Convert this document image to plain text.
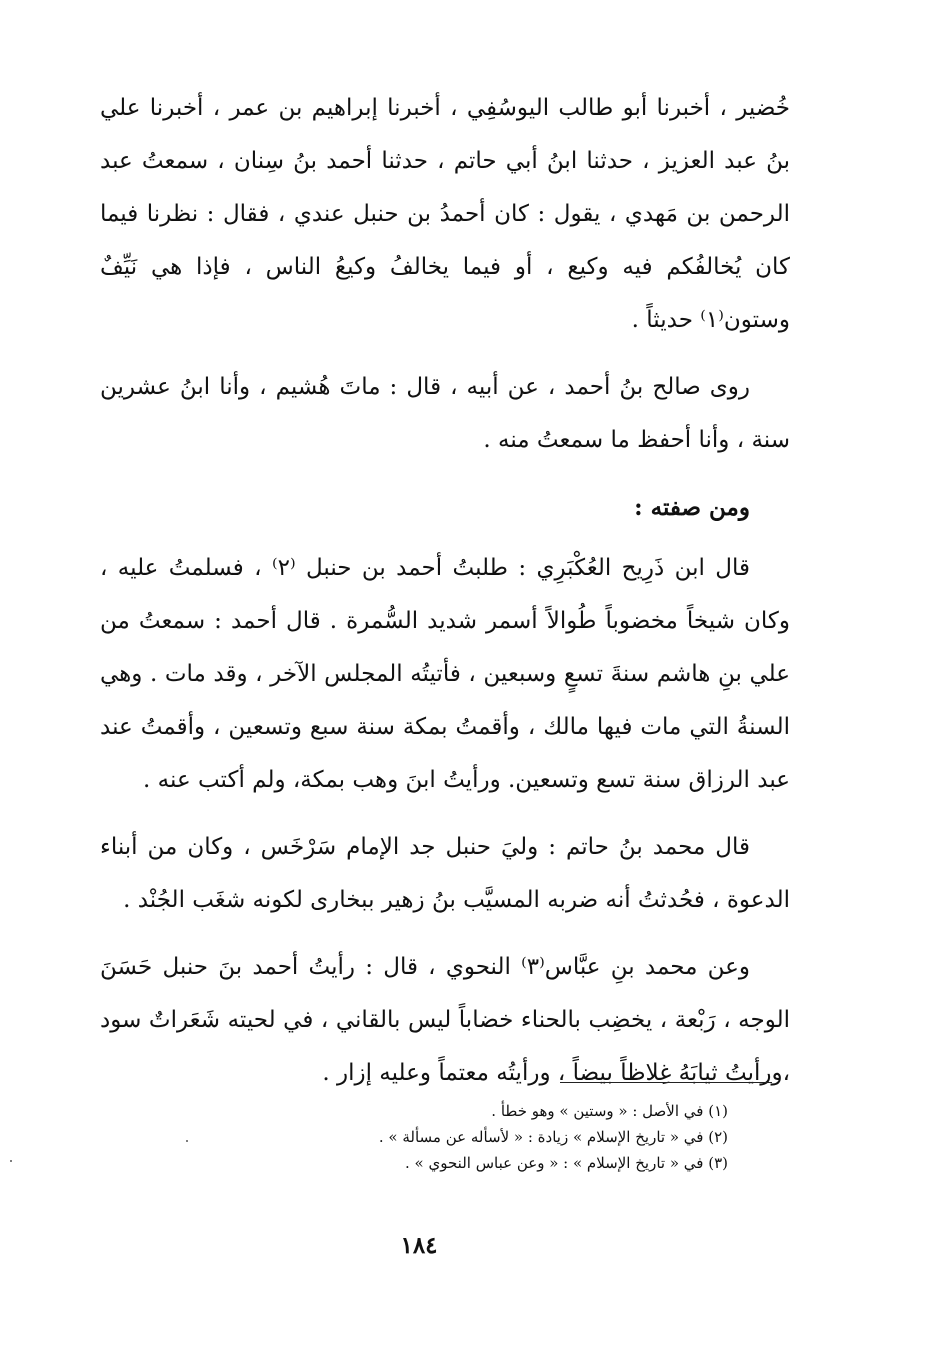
خُضير ، أخبرنا أبو طالب اليوسُفِي ، أخبرنا إبراهيم بن عمر ، أخبرنا علي بنُ عبد العزيز ، حدثنا ابنُ أبي حاتم ، حدثنا أحمد بنُ سِنان ، سمعتُ عبد الرحمن بن مَهدي ، يقول : كان أحمدُ بن حنبل عندي ، فقال : نظرنا فيما كان يُخالفُكم فيه وكيع ، أو فيما يخالفُ وكيعُ الناس ، فإذا هي نَيِّفٌ وستون⁽١⁾ حديثاً .

روى صالح بنُ أحمد ، عن أبيه ، قال : ماتَ هُشيم ، وأنا ابنُ عشرين سنة ، وأنا أحفظ ما سمعتُ منه .

ومن صفته :

قال ابن ذَرِيح العُكْبَرِي : طلبتُ أحمد بن حنبل ⁽٢⁾ ، فسلمتُ عليه ، وكان شيخاً مخضوباً طُوالاً أسمر شديد السُّمرة . قال أحمد : سمعتُ من علي بنِ هاشم سنةَ تسعٍ وسبعين ، فأتيتُه المجلس الآخر ، وقد مات . وهي السنةُ التي مات فيها مالك ، وأقمتُ بمكة سنة سبع وتسعين ، وأقمتُ عند عبد الرزاق سنة تسع وتسعين. ورأيتُ ابنَ وهب بمكة، ولم أكتب عنه .

قال محمد بنُ حاتم : وليَ حنبل جد الإمام سَرْخَس ، وكان من أبناء الدعوة ، فحُدثتُ أنه ضربه المسيَّب بنُ زهير ببخارى لكونه شغَب الجُنْد .

وعن محمد بنِ عبَّاس⁽٣⁾ النحوي ، قال : رأيتُ أحمد بنَ حنبل حَسَنَ الوجه ، رَبْعة ، يخضِب بالحناء خضاباً ليس بالقاني ، في لحيته شَعَراتٌ سود ،ورأيتُ ثيابَهُ غِلاظاً بيضاً ، ورأيتُه معتماً وعليه إزار .

(١) في الأصل : « وستين » وهو خطأ .
(٢) في « تاريخ الإسلام » زيادة : « لأسأله عن مسألة » .
(٣) في « تاريخ الإسلام » : « وعن عباس النحوي » .
١٨٤
